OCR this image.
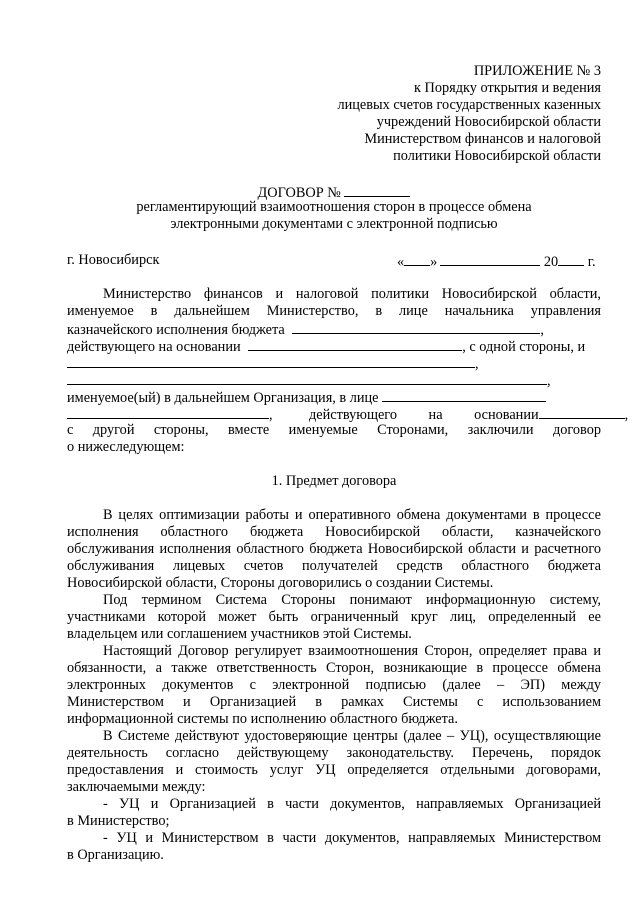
ПРИЛОЖЕНИЕ № 3
к Порядку открытия и ведения
лицевых счетов государственных казенных
учреждений Новосибирской области
Министерством финансов и налоговой
политики Новосибирской области
ДОГОВОР №
регламентирующий взаимоотношения сторон в процессе обмена
электронными документами с электронной подписью
г. Новосибирск	« »	20 г.
Министерство финансов и налоговой политики Новосибирской области,
именуемое в дальнейшем Министерство, в лице начальника управления
казначейского исполнения бюджета	,
действующего на основании	, с одной стороны, и
,
,
именуемое(ый) в дальнейшем Организация, в лице
,	действующего на основании	,
с другой стороны, вместе именуемые Сторонами, заключили договор
о нижеследующем:
1. Предмет договора
В целях оптимизации работы и оперативного обмена документами в процессе
исполнения областного бюджета Новосибирской области, казначейского
обслуживания исполнения областного бюджета Новосибирской области и расчетного
обслуживания лицевых счетов получателей средств областного бюджета
Новосибирской области, Стороны договорились о создании Системы.
Под термином Система Стороны понимают информационную систему,
участниками которой может быть ограниченный круг лиц, определенный ее
владельцем или соглашением участников этой Системы.
Настоящий Договор регулирует взаимоотношения Сторон, определяет права и
обязанности, а также ответственность Сторон, возникающие в процессе обмена
электронных документов с электронной подписью (далее – ЭП) между
Министерством и Организацией в рамках Системы с использованием
информационной системы по исполнению областного бюджета.
В Системе действуют удостоверяющие центры (далее – УЦ), осуществляющие
деятельность согласно действующему законодательству. Перечень, порядок
предоставления и стоимость услуг УЦ определяется отдельными договорами,
заключаемыми между:
- УЦ и Организацией в части документов, направляемых Организацией
в Министерство;
- УЦ и Министерством в части документов, направляемых Министерством
в Организацию.
